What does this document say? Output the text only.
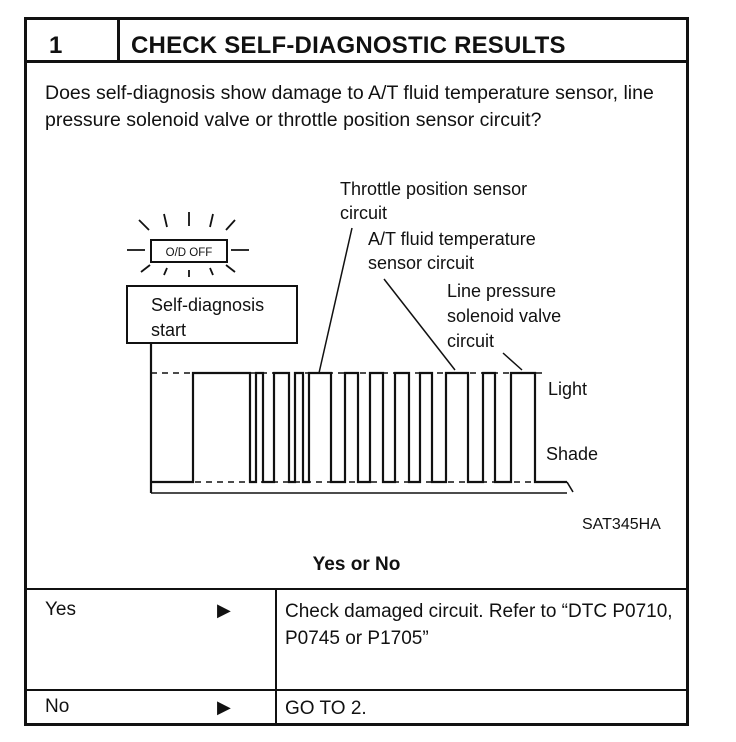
1	CHECK SELF-DIAGNOSTIC RESULTS
Does self-diagnosis show damage to A/T fluid temperature sensor, line pressure solenoid valve or throttle position sensor circuit?
O/D OFF
Self-diagnosis
start
Throttle position sensor
circuit
A/T fluid temperature
sensor circuit
Line pressure
solenoid valve
circuit
Light
Shade
SAT345HA
Yes or No
Yes	▶	Check damaged circuit. Refer to “DTC P0710, P0745 or P1705”
No	▶	GO TO 2.
